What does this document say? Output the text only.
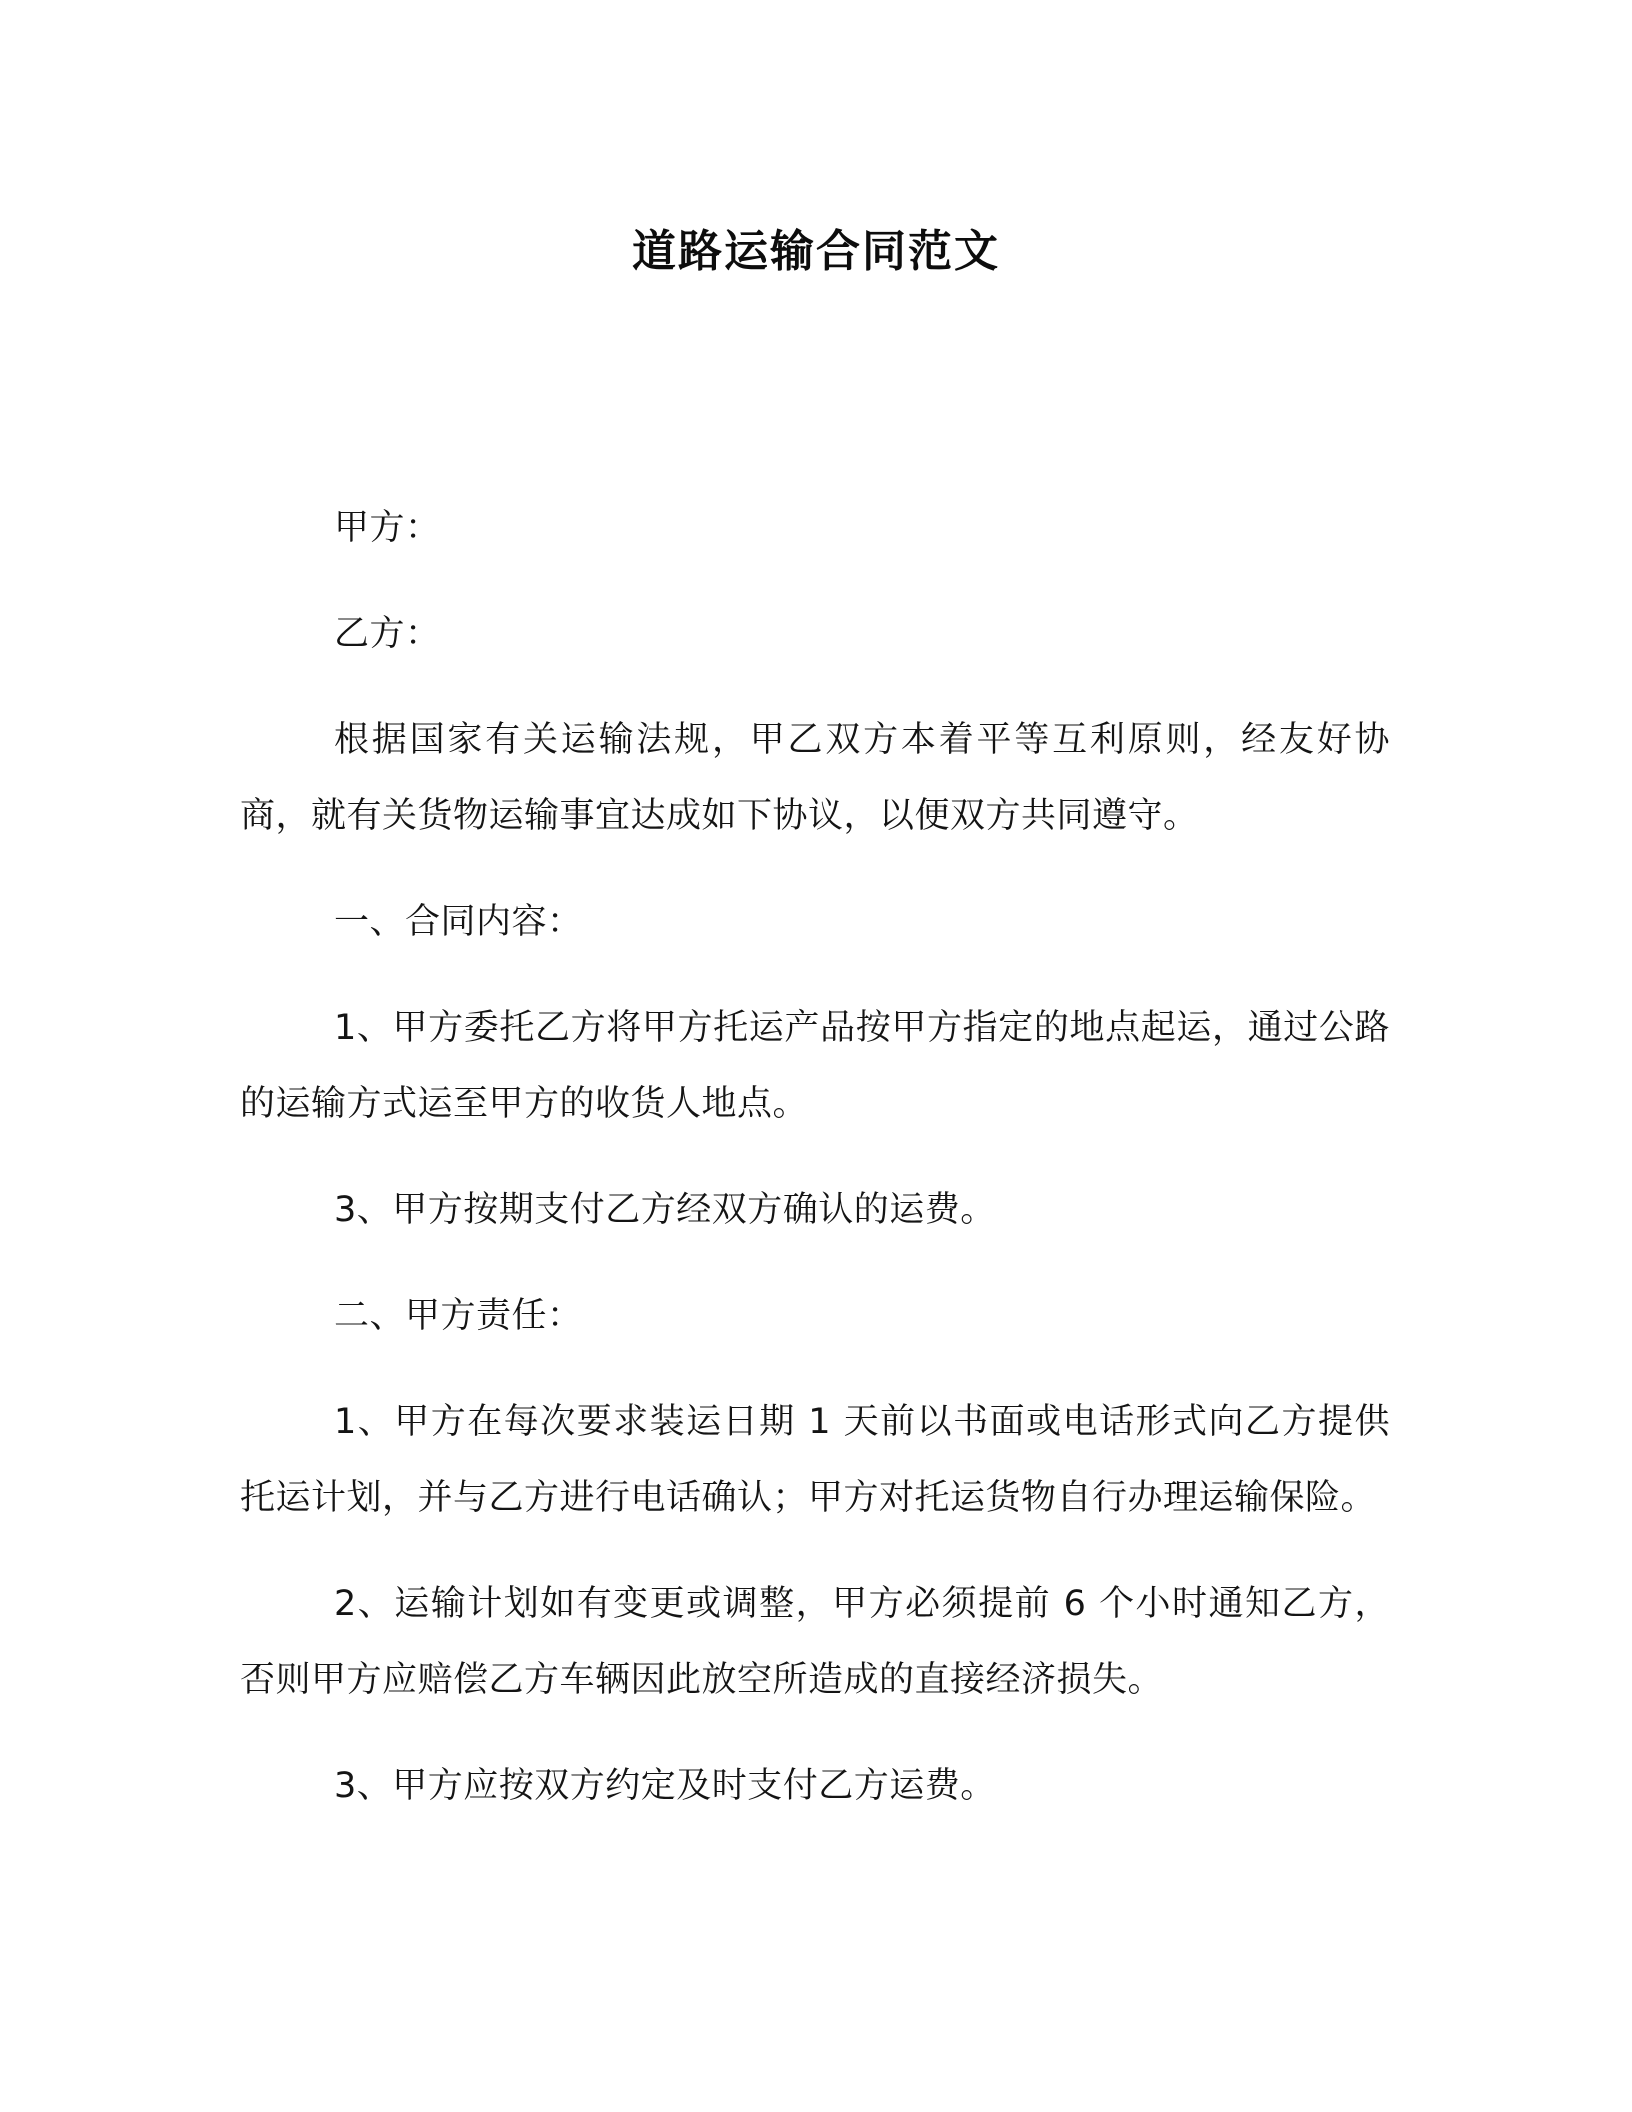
道路运输合同范文

甲方：

乙方：

根据国家有关运输法规，甲乙双方本着平等互利原则，经友好协商，就有关货物运输事宜达成如下协议，以便双方共同遵守。

一、合同内容：

1、甲方委托乙方将甲方托运产品按甲方指定的地点起运，通过公路的运输方式运至甲方的收货人地点。

3、甲方按期支付乙方经双方确认的运费。

二、甲方责任：

1、甲方在每次要求装运日期 1 天前以书面或电话形式向乙方提供托运计划，并与乙方进行电话确认；甲方对托运货物自行办理运输保险。

2、运输计划如有变更或调整，甲方必须提前 6 个小时通知乙方，否则甲方应赔偿乙方车辆因此放空所造成的直接经济损失。

3、甲方应按双方约定及时支付乙方运费。
